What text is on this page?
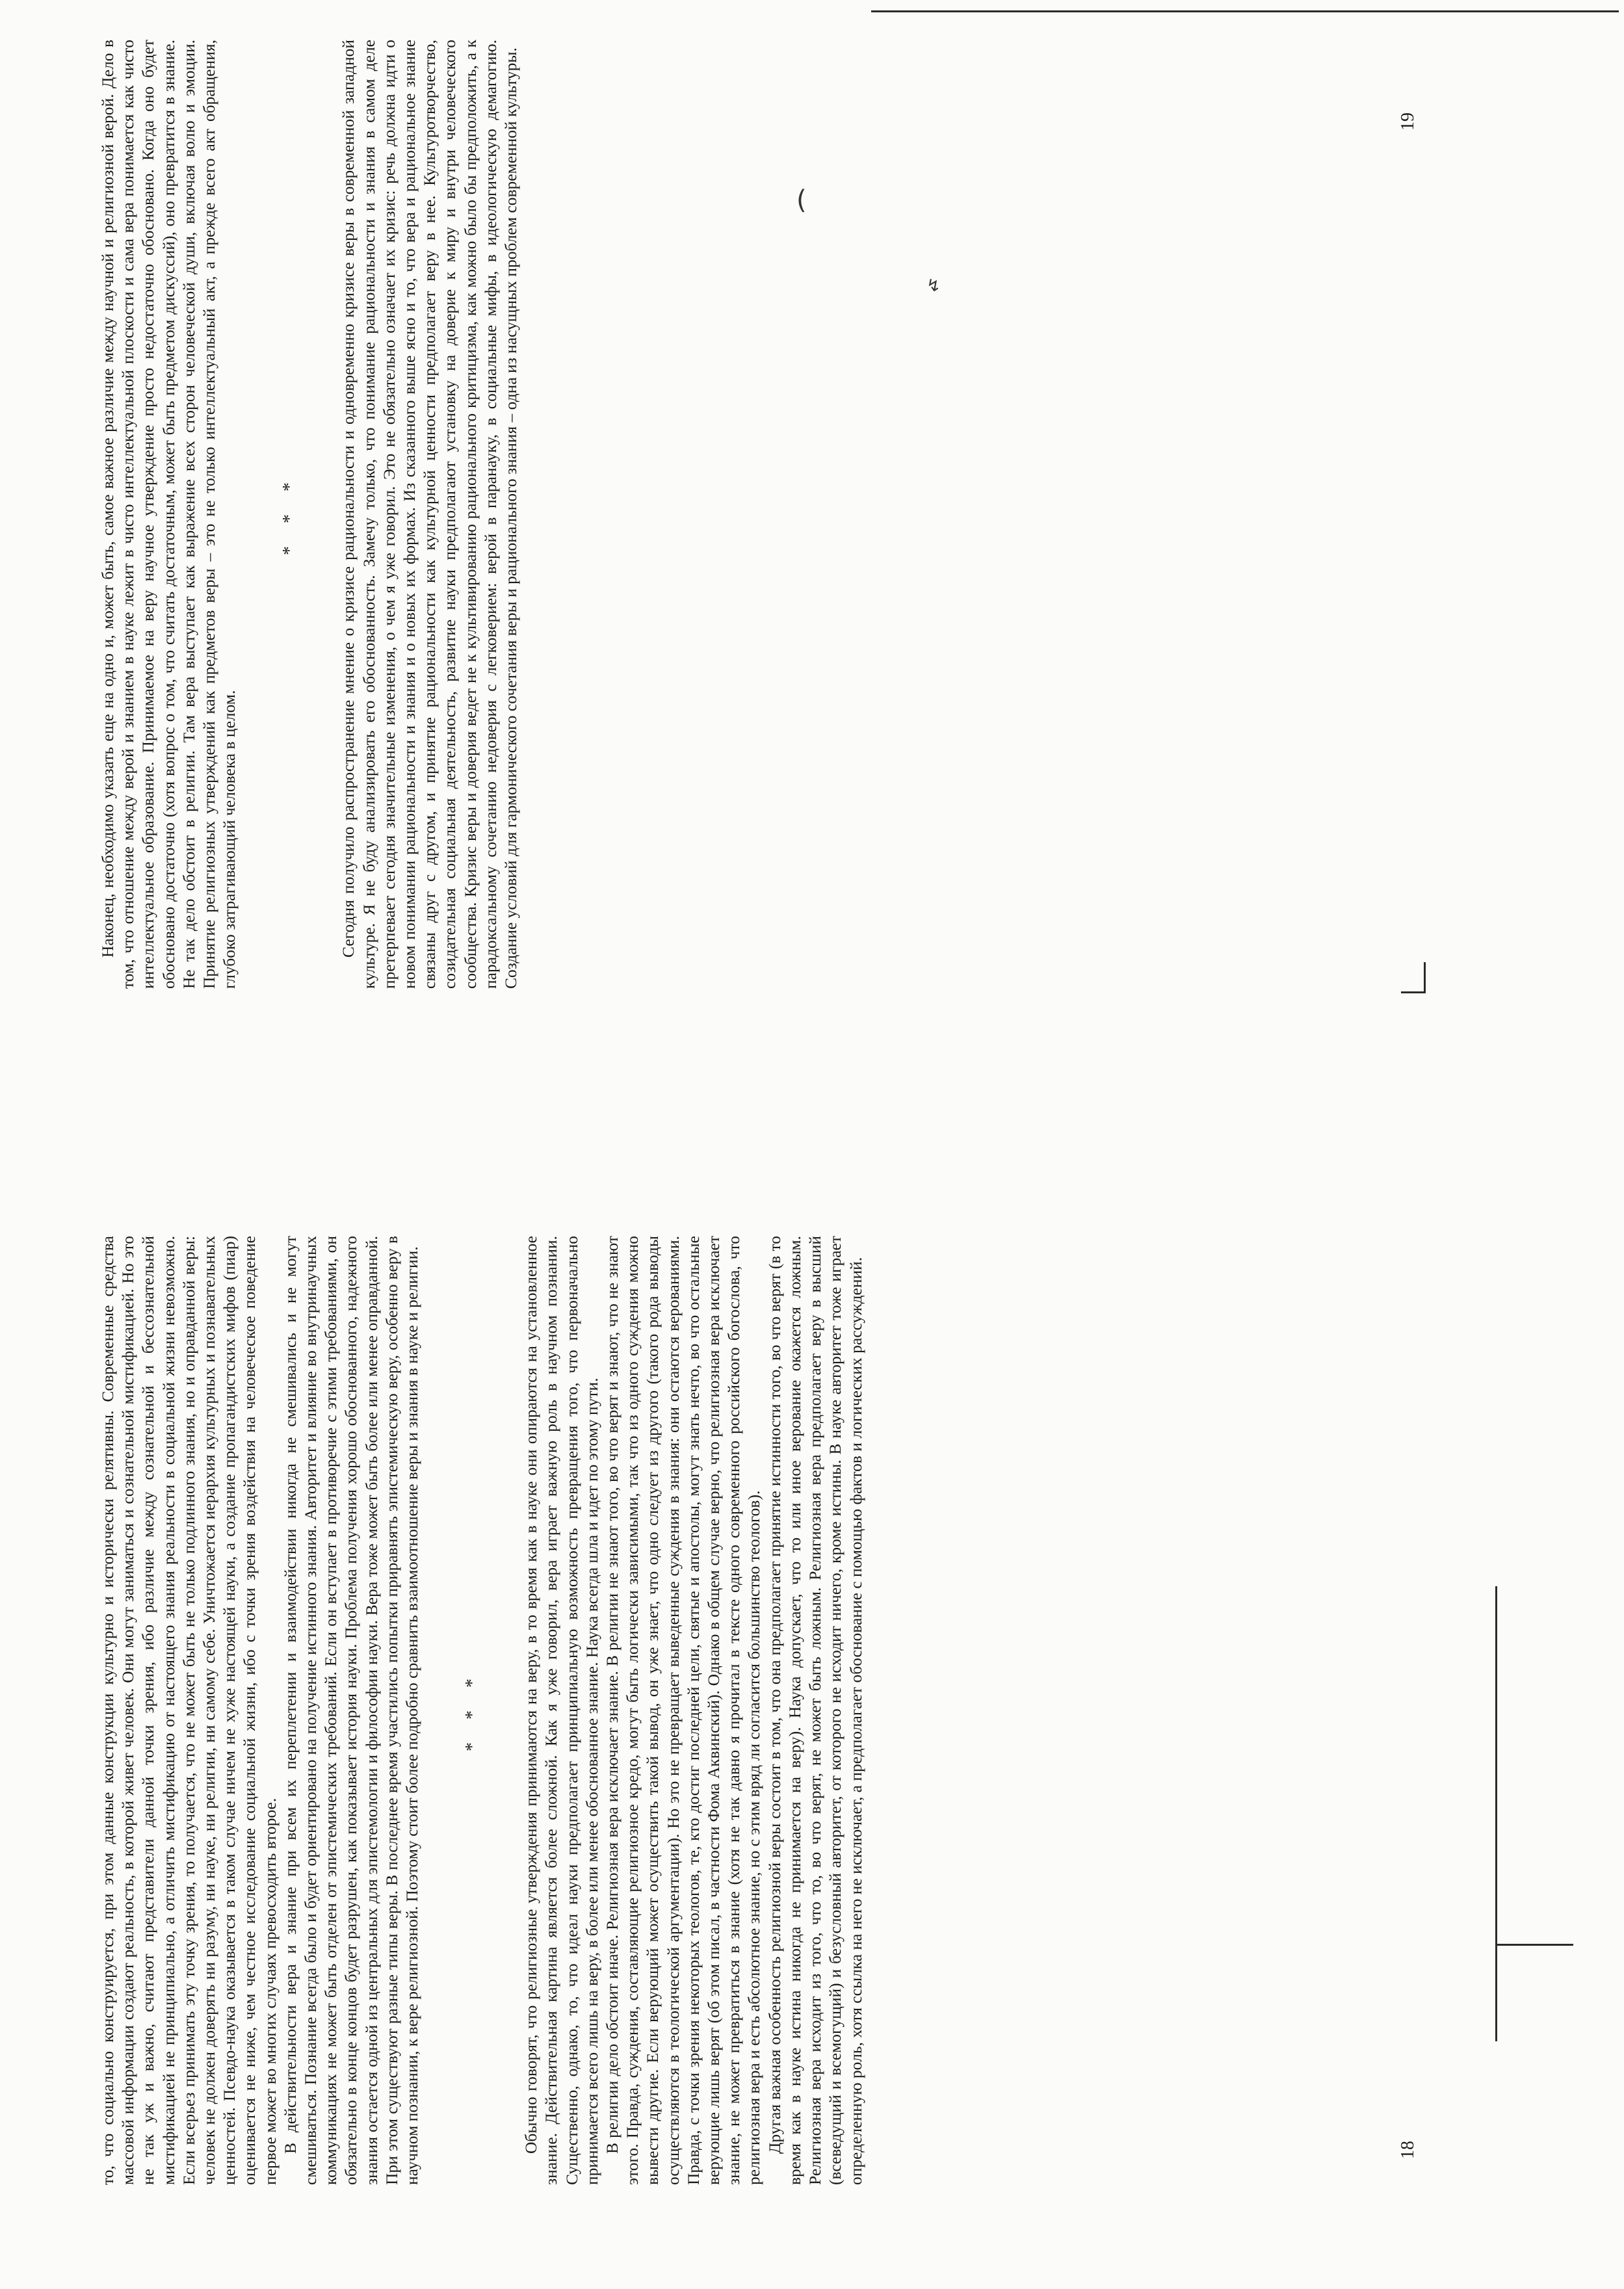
↯
(

то, что социально конструируется, при этом данные конструкции культурно и исторически релятивны. Современные средства массовой информации создают реальность, в которой живет человек. Они могут заниматься и сознательной мистификацией. Но это не так уж и важно, считают представители данной точки зрения, ибо различие между сознательной и бессознательной мистификацией не принципиально, а отличить мистификацию от настоящего знания реальности в социальной жизни невозможно. Если всерьез принимать эту точку зрения, то получается, что не может быть не только подлинного знания, но и оправданной веры: человек не должен доверять ни разуму, ни науке, ни религии, ни самому себе. Уничтожается иерархия культурных и познавательных ценностей. Псевдо-наука оказывается в таком случае ничем не хуже настоящей науки, а создание пропагандистских мифов (пиар) оценивается не ниже, чем честное исследование социальной жизни, ибо с точки зрения воздействия на человеческое поведение первое может во многих случаях превосходить второе. В действительности вера и знание при всем их переплетении и взаимодействии никогда не смешивались и не могут смешиваться. Познание всегда было и будет ориентировано на получение истинного знания. Авторитет и влияние во внутринаучных коммуникациях не может быть отделен от эпистемических требований. Если он вступает в противоречие с этими требованиями, он обязательно в конце концов будет разрушен, как показывает история науки. Проблема получения хорошо обоснованного, надежного знания остается одной из центральных для эпистемологии и философии науки. Вера тоже может быть более или менее оправданной. При этом существуют разные типы веры. В последнее время участились попытки приравнять эпистемическую веру, особенно веру в научном познании, к вере религиозной. Поэтому стоит более подробно сравнить взаимоотношение веры и знания в науке и религии. * * * Обычно говорят, что религиозные утверждения принимаются на веру, в то время как в науке они опираются на установленное знание. Действительная картина является более сложной. Как я уже говорил, вера играет важную роль в научном познании. Существенно, однако, то, что идеал науки предполагает принципиальную возможность превращения того, что первоначально принимается всего лишь на веру, в более или менее обоснованное знание. Наука всегда шла и идет по этому пути. В религии дело обстоит иначе. Религиозная вера исключает знание. В религии не знают того, во что верят и знают, что не знают этого. Правда, суждения, составляющие религиозное кредо, могут быть логически зависимыми, так что из одного суждения можно вывести другие. Если верующий может осуществить такой вывод, он уже знает, что одно следует из другого (такого рода выводы осуществляются в теологической аргументации). Но это не превращает выведенные суждения в знания: они остаются верованиями. Правда, с точки зрения некоторых теологов, те, кто достиг последней цели, святые и апостолы, могут знать нечто, во что остальные верующие лишь верят (об этом писал, в частности Фома Аквинский). Однако в общем случае верно, что религиозная вера исключает знание, не может превратиться в знание (хотя не так давно я прочитал в тексте одного современного российского богослова, что религиозная вера и есть абсолютное знание, но с этим вряд ли согласится большинство теологов). Другая важная особенность религиозной веры состоит в том, что она предполагает принятие истинности того, во что верят (в то время как в науке истина никогда не принимается на веру). Наука допускает, что то или иное верование окажется ложным. Религиозная вера исходит из того, что то, во что верят, не может быть ложным. Религиозная вера предполагает веру в высший (всеведущий и всемогущий) и безусловный авторитет, от которого не исходит ничего, кроме истины. В науке авторитет тоже играет определенную роль, хотя ссылка на него не исключает, а предполагает обоснование с помощью фактов и логических рассуждений.	18

Наконец, необходимо указать еще на одно и, может быть, самое важное различие между научной и религиозной верой. Дело в том, что отношение между верой и знанием в науке лежит в чисто интеллектуальной плоскости и сама вера понимается как чисто интеллектуальное образование. Принимаемое на веру научное утверждение просто недостаточно обосновано. Когда оно будет обосновано достаточно (хотя вопрос о том, что считать достаточным, может быть предметом дискуссий), оно превратится в знание. Не так дело обстоит в религии. Там вера выступает как выражение всех сторон человеческой души, включая волю и эмоции. Принятие религиозных утверждений как предметов веры – это не только интеллектуальный акт, а прежде всего акт обращения, глубоко затрагивающий человека в целом.

* * * Сегодня получило распространение мнение о кризисе рациональности и одновременно кризисе веры в современной западной культуре. Я не буду анализировать его обоснованность. Замечу только, что понимание рациональности и знания в самом деле претерпевает сегодня значительные изменения, о чем я уже говорил. Это не обязательно означает их кризис: речь должна идти о новом понимании рациональности и знания и о новых их формах. Из сказанного выше ясно и то, что вера и рациональное знание связаны друг с другом, и принятие рациональности как культурной ценности предполагает веру в нее. Культуротворчество, созидательная социальная деятельность, развитие науки предполагают установку на доверие к миру и внутри человеческого сообщества. Кризис веры и доверия ведет не к культивированию рационального критицизма, как можно было бы предположить, а к парадоксальному сочетанию недоверия с легковерием: верой в паранауку, в социальные мифы, в идеологическую демагогию. Создание условий для гармонического сочетания веры и рационального знания – одна из насущных проблем современной культуры.	19
